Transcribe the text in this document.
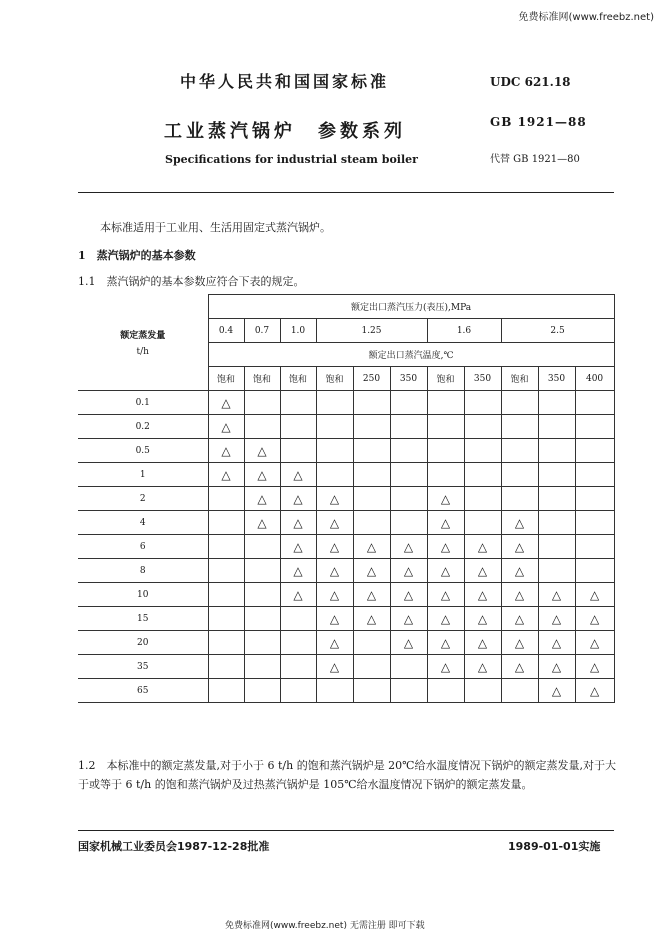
免费标准网(www.freebz.net)
中华人民共和国国家标准	UDC 621.18
工业蒸汽锅炉　参数系列	GB 1921—88
Specifications for industrial steam boiler	代替 GB 1921—80
本标准适用于工业用、生活用固定式蒸汽锅炉。
1　蒸汽锅炉的基本参数
1.1　蒸汽锅炉的基本参数应符合下表的规定。
额定蒸发量
t/h	额定出口蒸汽压力(表压),MPa										
	0.4	0.7	1.0	1.25			1.6		2.5		
	额定出口蒸汽温度,℃										
	饱和	饱和	饱和	饱和	250	350	饱和	350	饱和	350	400
0.1	△										
0.2	△										
0.5	△	△									
1	△	△	△								
2		△	△	△			△				
4		△	△	△			△		△		
6			△	△	△	△	△	△	△		
8			△	△	△	△	△	△	△		
10			△	△	△	△	△	△	△	△	△
15				△	△	△	△	△	△	△	△
20				△		△	△	△	△	△	△
35				△			△	△	△	△	△
65										△	△
1.2　本标准中的额定蒸发量,对于小于 6 t/h 的饱和蒸汽锅炉是 20℃给水温度情况下锅炉的额定蒸发量,对于大于或等于 6 t/h 的饱和蒸汽锅炉及过热蒸汽锅炉是 105℃给水温度情况下锅炉的额定蒸发量。
国家机械工业委员会1987-12-28批准	1989-01-01实施
免费标准网(www.freebz.net) 无需注册 即可下载
